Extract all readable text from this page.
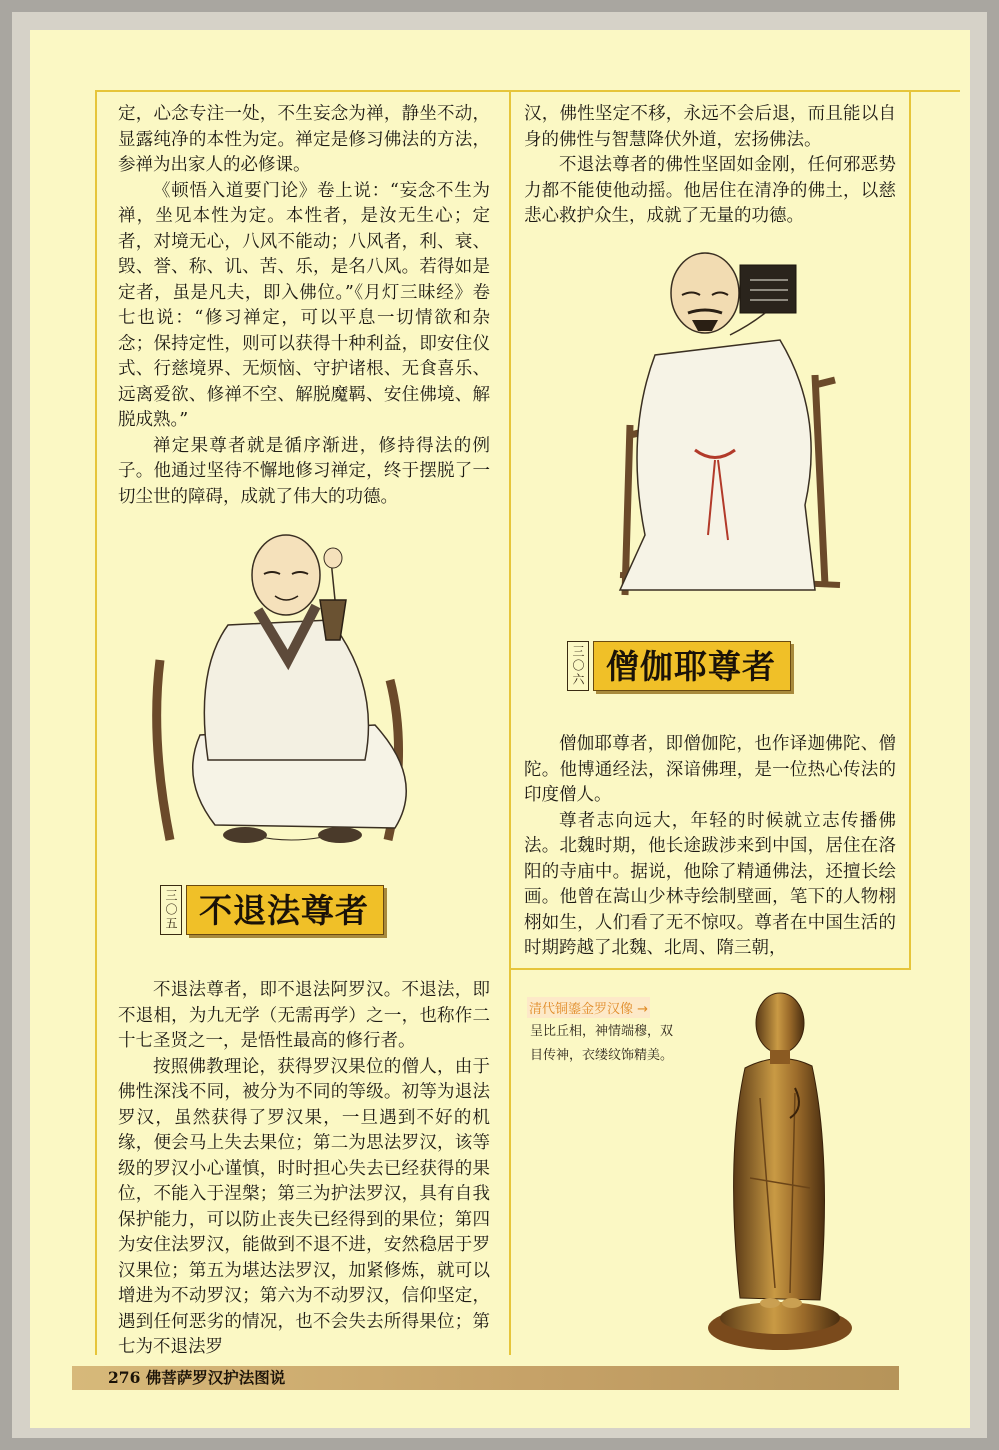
定，心念专注一处，不生妄念为禅，静坐不动，显露纯净的本性为定。禅定是修习佛法的方法，参禅为出家人的必修课。

《顿悟入道要门论》卷上说：“妄念不生为禅，坐见本性为定。本性者，是汝无生心；定者，对境无心，八风不能动；八风者，利、衰、毁、誉、称、讥、苦、乐，是名八风。若得如是定者，虽是凡夫，即入佛位。”《月灯三昧经》卷七也说：“修习禅定，可以平息一切情欲和杂念；保持定性，则可以获得十种利益，即安住仪式、行慈境界、无烦恼、守护诸根、无食喜乐、远离爱欲、修禅不空、解脱魔羁、安住佛境、解脱成熟。”

禅定果尊者就是循序渐进，修持得法的例子。他通过坚待不懈地修习禅定，终于摆脱了一切尘世的障碍，成就了伟大的功德。

三〇五 不退法尊者

不退法尊者，即不退法阿罗汉。不退法，即不退相，为九无学（无需再学）之一，也称作二十七圣贤之一，是悟性最高的修行者。

按照佛教理论，获得罗汉果位的僧人，由于佛性深浅不同，被分为不同的等级。初等为退法罗汉，虽然获得了罗汉果，一旦遇到不好的机缘，便会马上失去果位；第二为思法罗汉，该等级的罗汉小心谨慎，时时担心失去已经获得的果位，不能入于涅槃；第三为护法罗汉，具有自我保护能力，可以防止丧失已经得到的果位；第四为安住法罗汉，能做到不退不进，安然稳居于罗汉果位；第五为堪达法罗汉，加紧修炼，就可以增进为不动罗汉；第六为不动罗汉，信仰坚定，遇到任何恶劣的情况，也不会失去所得果位；第七为不退法罗

汉，佛性坚定不移，永远不会后退，而且能以自身的佛性与智慧降伏外道，宏扬佛法。

不退法尊者的佛性坚固如金刚，任何邪恶势力都不能使他动摇。他居住在清净的佛土，以慈悲心救护众生，成就了无量的功德。

三〇六 僧伽耶尊者

僧伽耶尊者，即僧伽陀，也作译迦佛陀、僧陀。他博通经法，深谙佛理，是一位热心传法的印度僧人。

尊者志向远大，年轻的时候就立志传播佛法。北魏时期，他长途跋涉来到中国，居住在洛阳的寺庙中。据说，他除了精通佛法，还擅长绘画。他曾在嵩山少林寺绘制壁画，笔下的人物栩栩如生，人们看了无不惊叹。尊者在中国生活的时期跨越了北魏、北周、隋三朝，

清代铜鎏金罗汉像 →
呈比丘相，神情端穆，双目传神，衣缕纹饰精美。
276 佛菩萨罗汉护法图说
